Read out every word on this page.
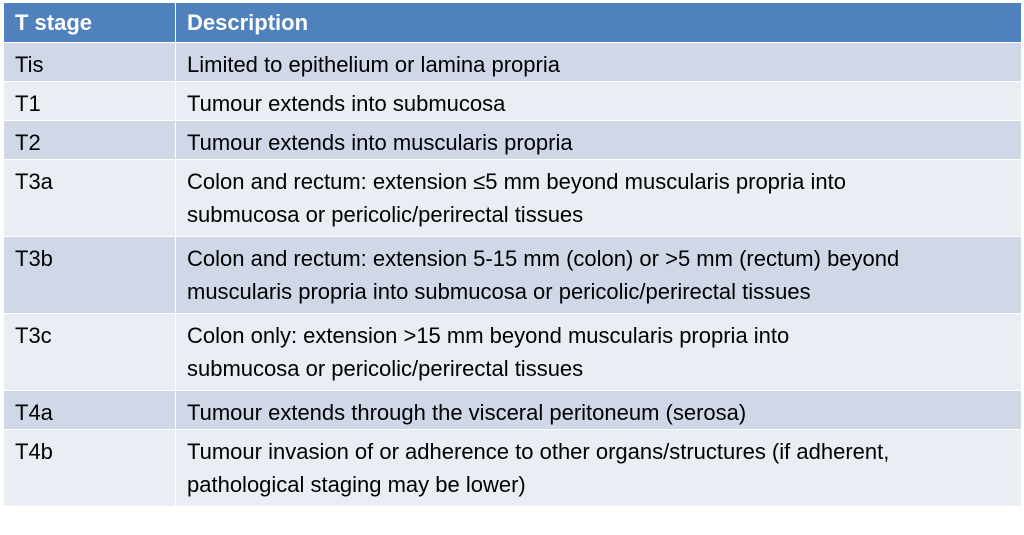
T stage	Description
Tis	Limited to epithelium or lamina propria

T1	Tumour extends into submucosa

T2	Tumour extends into muscularis propria

T3a	Colon and rectum: extension ≤5 mm beyond muscularis propria into
submucosa or pericolic/perirectal tissues

T3b	Colon and rectum: extension 5-15 mm (colon) or >5 mm (rectum) beyond
muscularis propria into submucosa or pericolic/perirectal tissues

T3c	Colon only: extension >15 mm beyond muscularis propria into
submucosa or pericolic/perirectal tissues

T4a	Tumour extends through the visceral peritoneum (serosa)

T4b	Tumour invasion of or adherence to other organs/structures (if adherent,
pathological staging may be lower)
